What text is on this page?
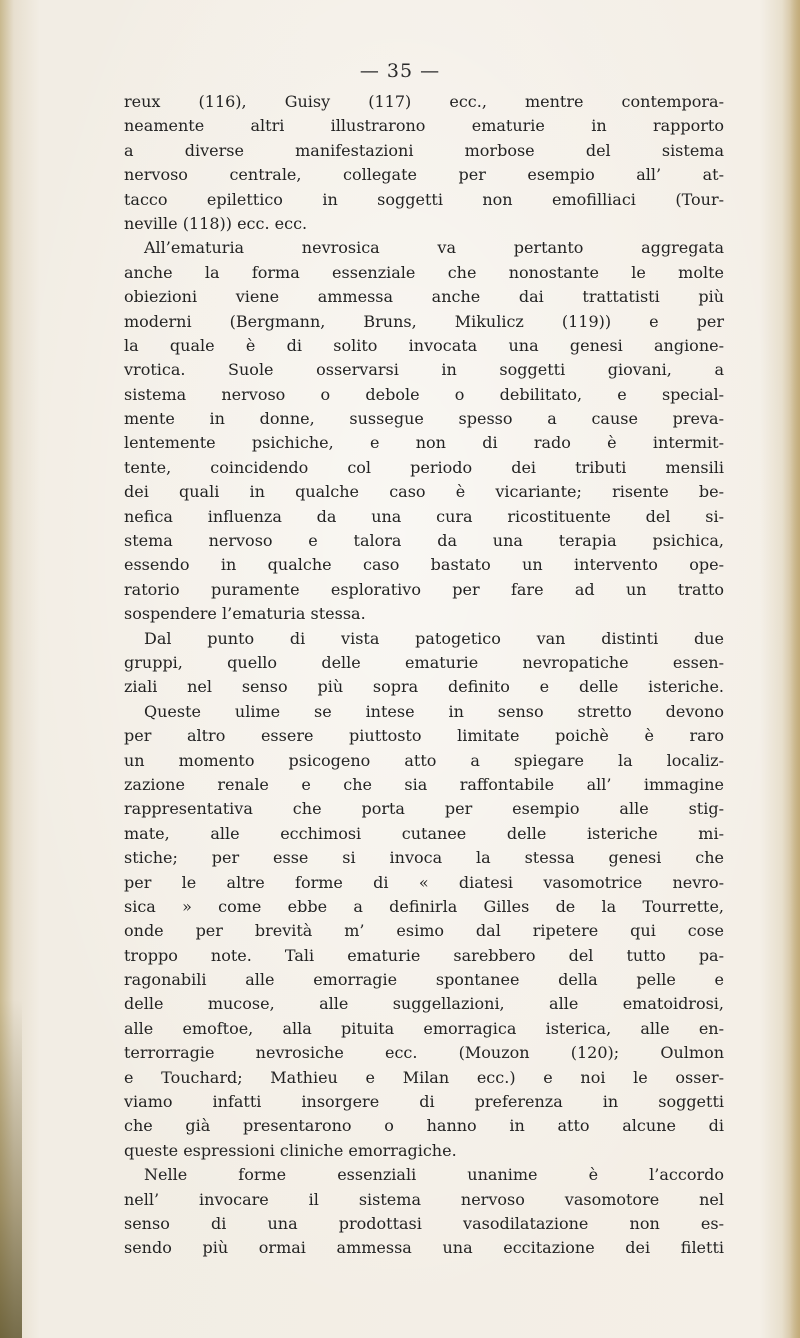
— 35 —
reux (116), Guisy (117) ecc., mentre contempora-
neamente altri illustrarono ematurie in rapporto
a diverse manifestazioni morbose del sistema
nervoso centrale, collegate per esempio all’ at-
tacco epilettico in soggetti non emofilliaci (Tour-
neville (118)) ecc. ecc.
All’ematuria nevrosica va pertanto aggregata
anche la forma essenziale che nonostante le molte
obiezioni viene ammessa anche dai trattatisti più
moderni (Bergmann, Bruns, Mikulicz (119)) e per
la quale è di solito invocata una genesi angione-
vrotica. Suole osservarsi in soggetti giovani, a
sistema nervoso o debole o debilitato, e special-
mente in donne, sussegue spesso a cause preva-
lentemente psichiche, e non di rado è intermit-
tente, coincidendo col periodo dei tributi mensili
dei quali in qualche caso è vicariante; risente be-
nefica influenza da una cura ricostituente del si-
stema nervoso e talora da una terapia psichica,
essendo in qualche caso bastato un intervento ope-
ratorio puramente esplorativo per fare ad un tratto
sospendere l’ematuria stessa.
Dal punto di vista patogetico van distinti due
gruppi, quello delle ematurie nevropatiche essen-
ziali nel senso più sopra definito e delle isteriche.
Queste ulime se intese in senso stretto devono
per altro essere piuttosto limitate poichè è raro
un momento psicogeno atto a spiegare la localiz-
zazione renale e che sia raffontabile all’ immagine
rappresentativa che porta per esempio alle stig-
mate, alle ecchimosi cutanee delle isteriche mi-
stiche; per esse si invoca la stessa genesi che
per le altre forme di « diatesi vasomotrice nevro-
sica » come ebbe a definirla Gilles de la Tourrette,
onde per brevità m’ esimo dal ripetere qui cose
troppo note. Tali ematurie sarebbero del tutto pa-
ragonabili alle emorragie spontanee della pelle e
delle mucose, alle suggellazioni, alle ematoidrosi,
alle emoftoe, alla pituita emorragica isterica, alle en-
terrorragie nevrosiche ecc. (Mouzon (120); Oulmon
e Touchard; Mathieu e Milan ecc.) e noi le osser-
viamo infatti insorgere di preferenza in soggetti
che già presentarono o hanno in atto alcune di
queste espressioni cliniche emorragiche.
Nelle forme essenziali unanime è l’accordo
nell’ invocare il sistema nervoso vasomotore nel
senso di una prodottasi vasodilatazione non es-
sendo più ormai ammessa una eccitazione dei filetti
